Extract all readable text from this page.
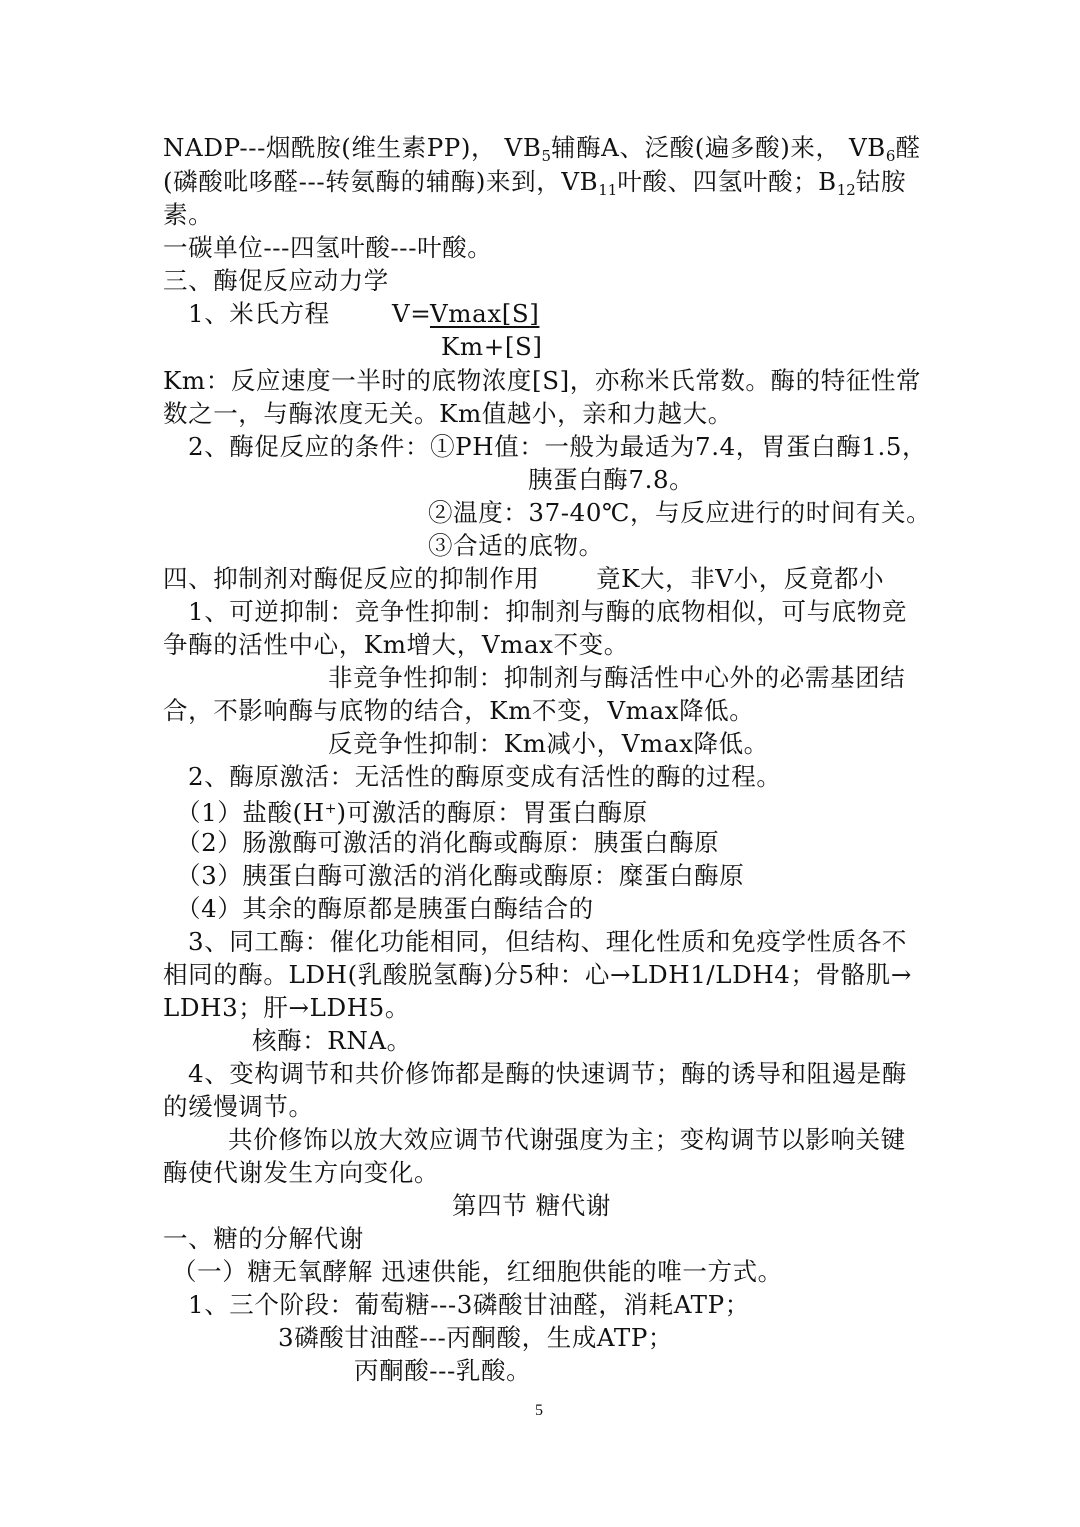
NADP---烟酰胺(维生素PP)， $VB_5$辅酶A、泛酸(遍多酸)来， $VB_6$醛
(磷酸吡哆醛---转氨酶的辅酶)来到，$VB_{11}$叶酸、四氢叶酸；$B_{12}$钴胺
素。
一碳单位---四氢叶酸---叶酸。
三、酶促反应动力学
1、米氏方程	V=
Vmax[S]
Km+[S]
Km：反应速度一半时的底物浓度[S]，亦称米氏常数。酶的特征性常
数之一，与酶浓度无关。Km值越小，亲和力越大。
2、酶促反应的条件：①PH值：一般为最适为7.4，胃蛋白酶1.5，
胰蛋白酶7.8。
②温度：37-40℃，与反应进行的时间有关。
③合适的底物。
四、抑制剂对酶促反应的抑制作用 竟K大，非V小，反竟都小
1、可逆抑制：竞争性抑制：抑制剂与酶的底物相似，可与底物竞
争酶的活性中心，Km增大，Vmax不变。
非竞争性抑制：抑制剂与酶活性中心外的必需基团结
合，不影响酶与底物的结合，Km不变，Vmax降低。
反竞争性抑制：Km减小，Vmax降低。
2、酶原激活：无活性的酶原变成有活性的酶的过程。
（1）盐酸(H+)可激活的酶原：胃蛋白酶原
（2）肠激酶可激活的消化酶或酶原：胰蛋白酶原
（3）胰蛋白酶可激活的消化酶或酶原：糜蛋白酶原
（4）其余的酶原都是胰蛋白酶结合的
3、同工酶：催化功能相同，但结构、理化性质和免疫学性质各不
相同的酶。LDH(乳酸脱氢酶)分5种：心→LDH1/LDH4；骨骼肌→
LDH3；肝→LDH5。
核酶：RNA。
4、变构调节和共价修饰都是酶的快速调节；酶的诱导和阻遏是酶
的缓慢调节。
共价修饰以放大效应调节代谢强度为主；变构调节以影响关键
酶使代谢发生方向变化。
第四节 糖代谢
一、糖的分解代谢
（一）糖无氧酵解 迅速供能，红细胞供能的唯一方式。
1、三个阶段：葡萄糖---3磷酸甘油醛，消耗ATP；
3磷酸甘油醛---丙酮酸，生成ATP；
丙酮酸---乳酸。
5
